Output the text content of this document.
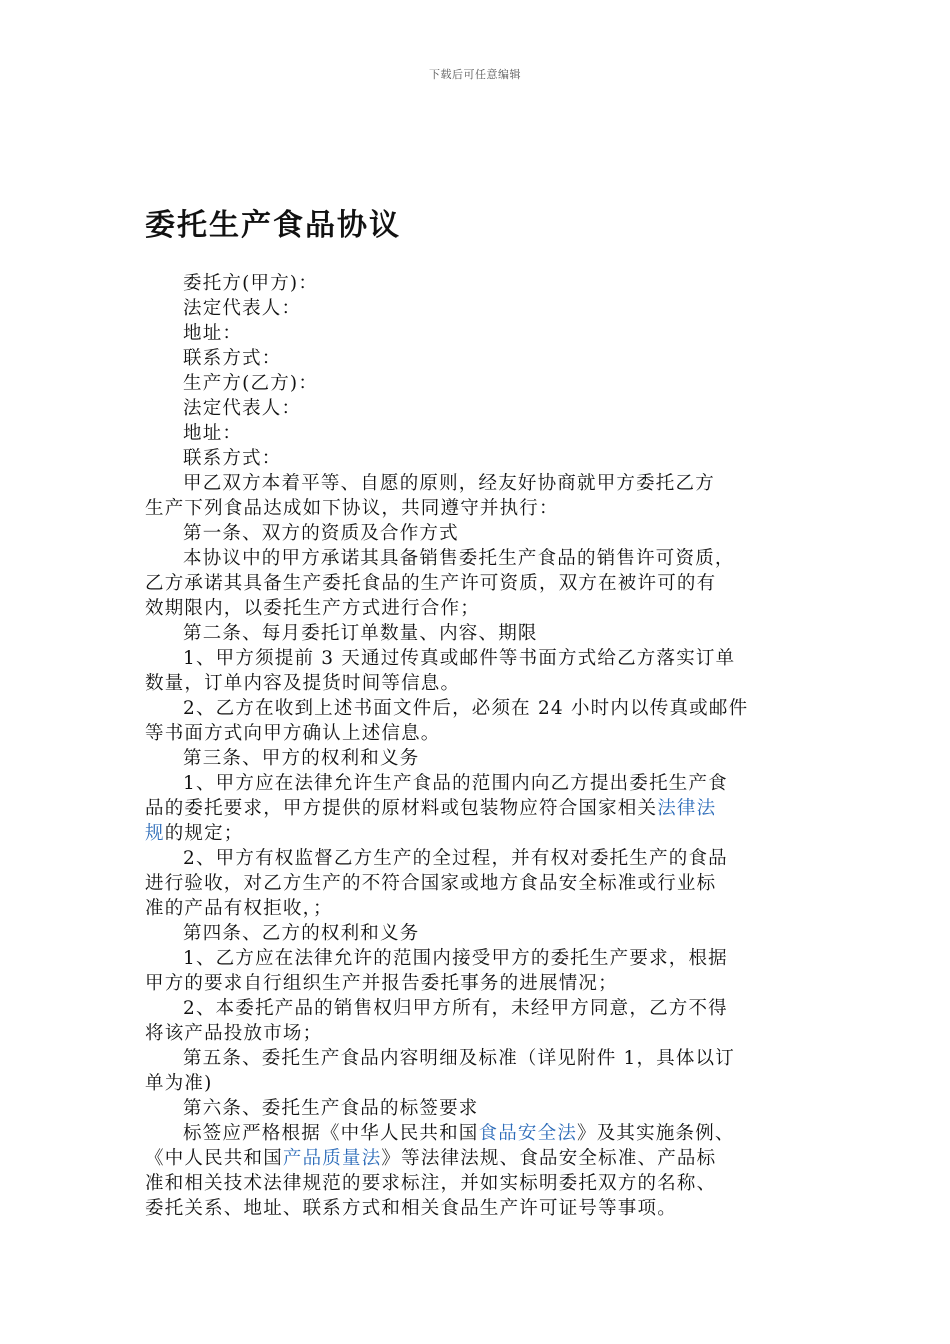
下载后可任意编辑
委托生产食品协议
委托方(甲方)：
法定代表人：
地址：
联系方式：
生产方(乙方)：
法定代表人：
地址：
联系方式：
甲乙双方本着平等、自愿的原则，经友好协商就甲方委托乙方
生产下列食品达成如下协议，共同遵守并执行：
第一条、双方的资质及合作方式
本协议中的甲方承诺其具备销售委托生产食品的销售许可资质，
乙方承诺其具备生产委托食品的生产许可资质，双方在被许可的有
效期限内，以委托生产方式进行合作；
第二条、每月委托订单数量、内容、期限
1、甲方须提前 3 天通过传真或邮件等书面方式给乙方落实订单
数量，订单内容及提货时间等信息。
2、乙方在收到上述书面文件后，必须在 24 小时内以传真或邮件
等书面方式向甲方确认上述信息。
第三条、甲方的权利和义务
1、甲方应在法律允许生产食品的范围内向乙方提出委托生产食
品的委托要求，甲方提供的原材料或包装物应符合国家相关法律法
规的规定；
2、甲方有权监督乙方生产的全过程，并有权对委托生产的食品
进行验收，对乙方生产的不符合国家或地方食品安全标准或行业标
准的产品有权拒收，；
第四条、乙方的权利和义务
1、乙方应在法律允许的范围内接受甲方的委托生产要求，根据
甲方的要求自行组织生产并报告委托事务的进展情况；
2、本委托产品的销售权归甲方所有，未经甲方同意，乙方不得
将该产品投放市场；
第五条、委托生产食品内容明细及标准（详见附件 1，具体以订
单为准)
第六条、委托生产食品的标签要求
标签应严格根据《中华人民共和国食品安全法》及其实施条例、
《中人民共和国产品质量法》等法律法规、食品安全标准、产品标
准和相关技术法律规范的要求标注，并如实标明委托双方的名称、
委托关系、地址、联系方式和相关食品生产许可证号等事项。
